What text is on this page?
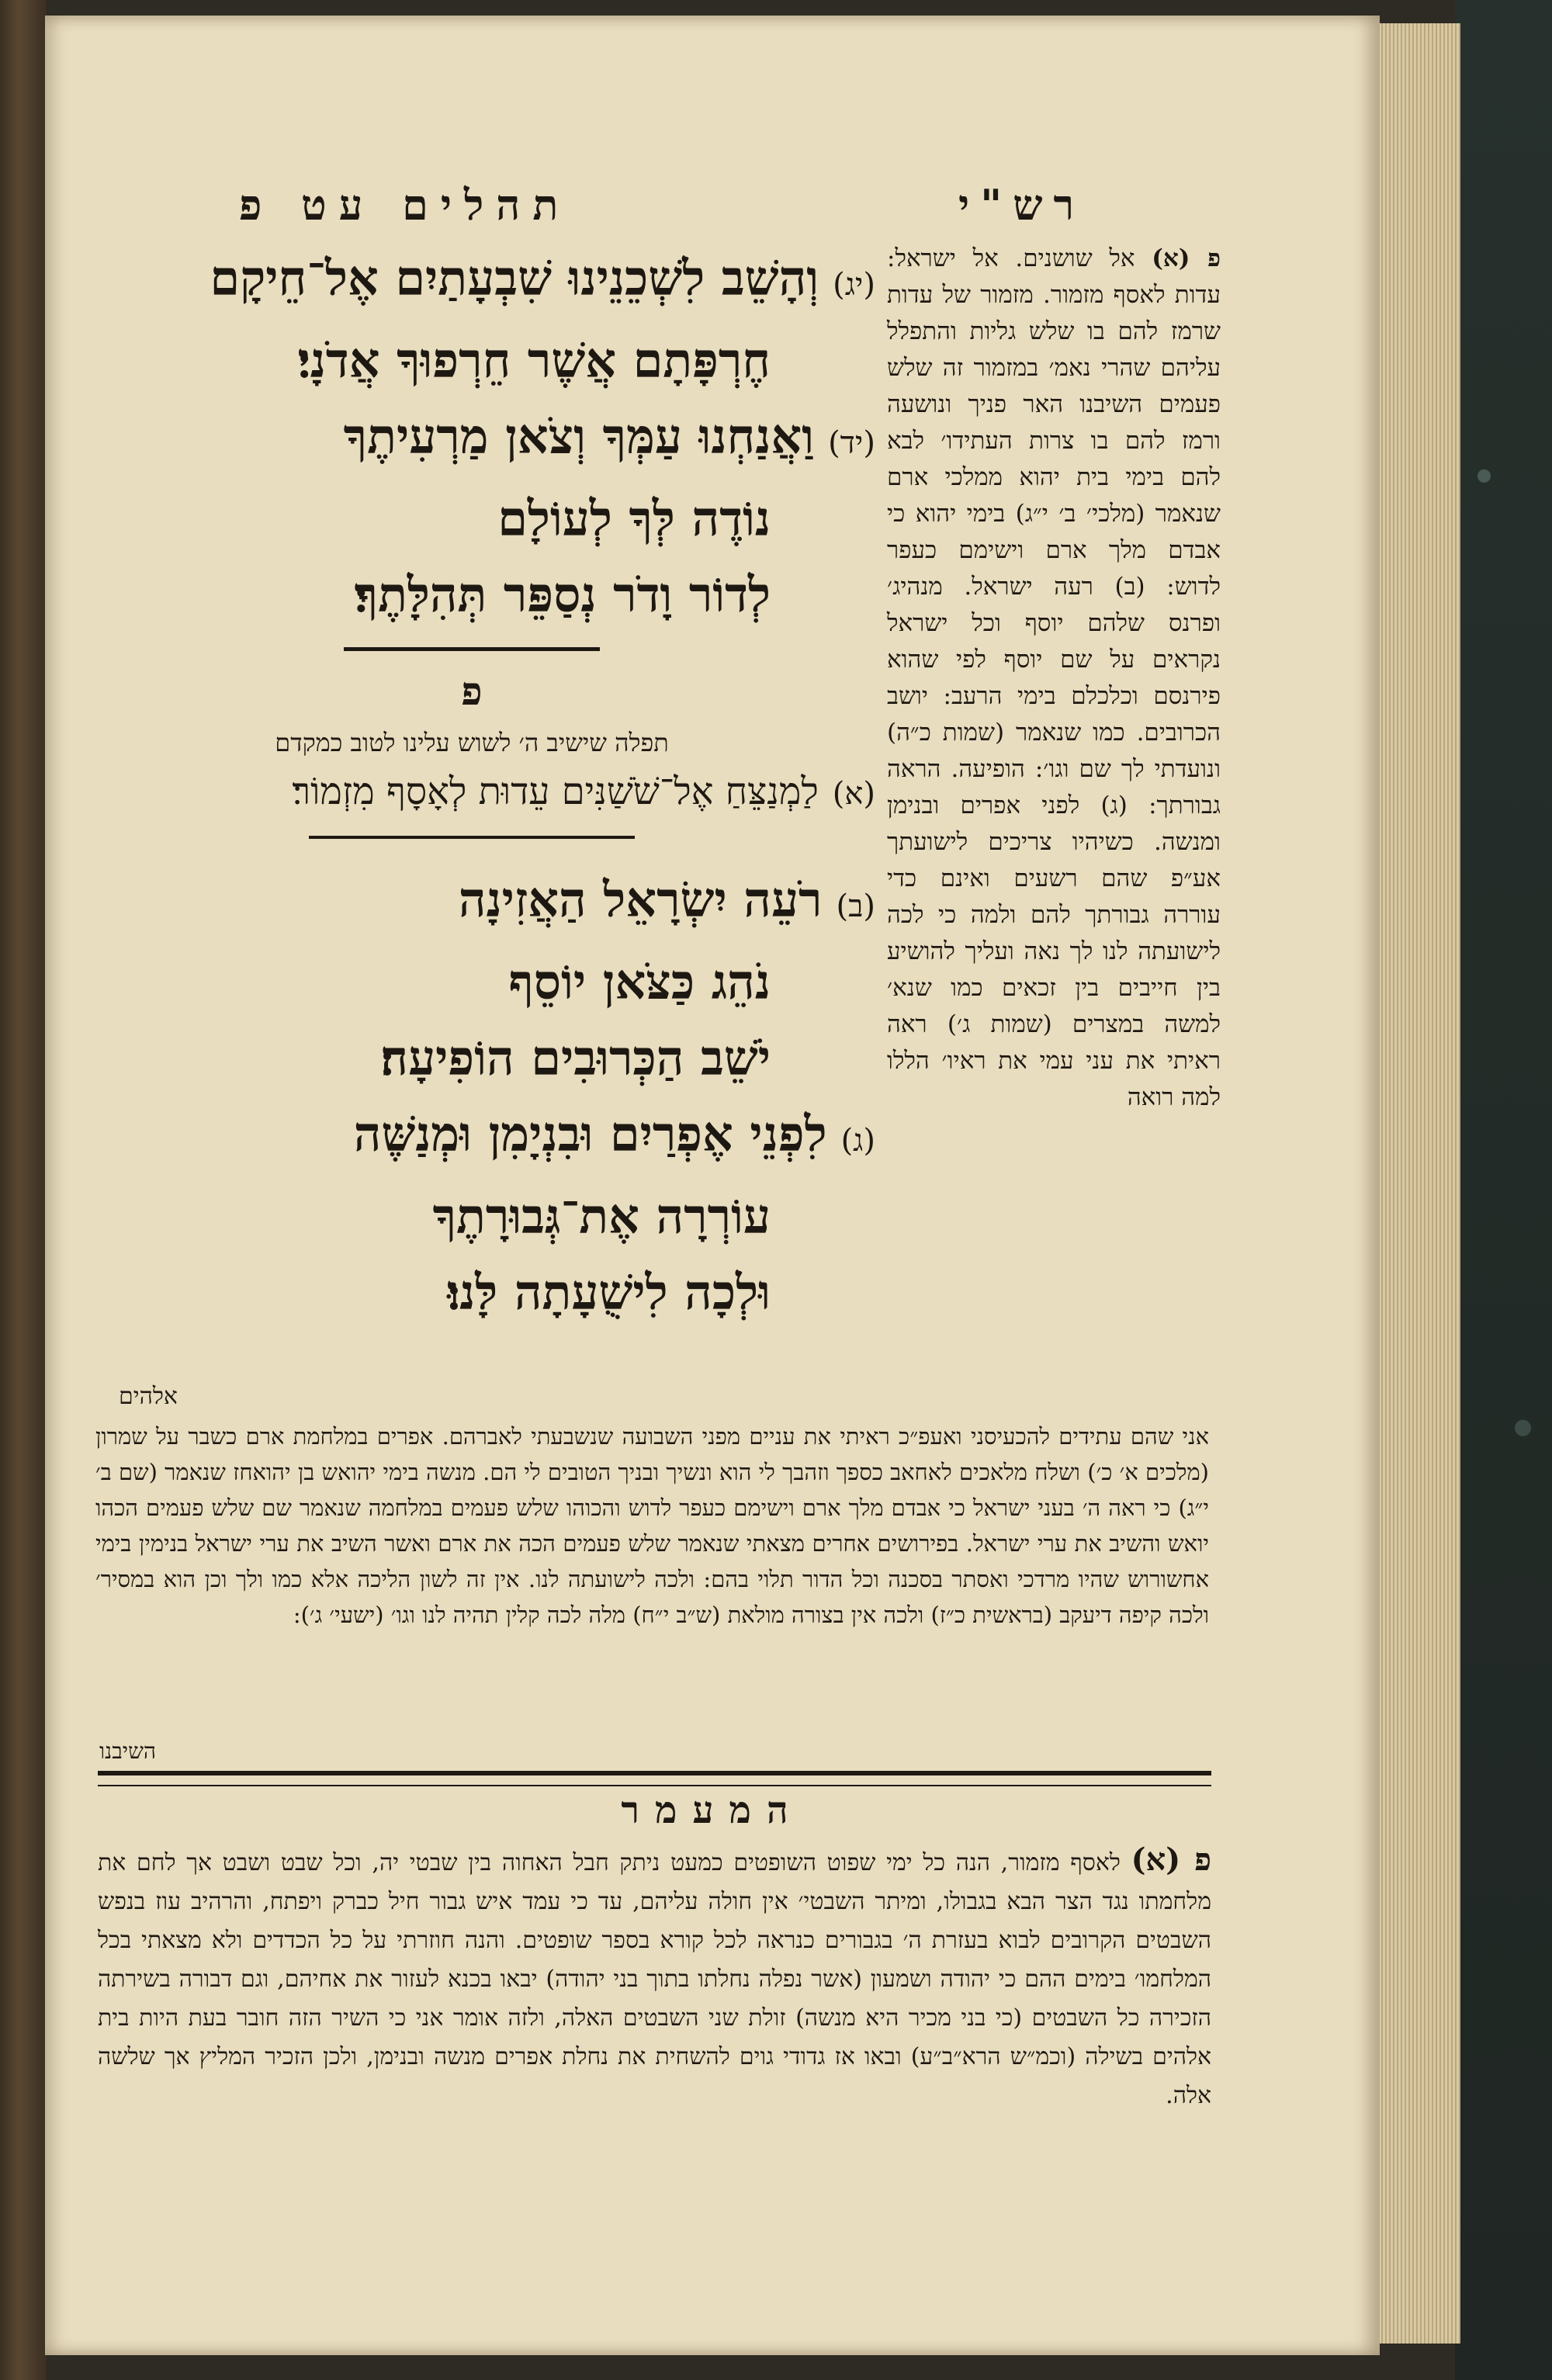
רש"י
תהלים עט פ
(יג)וְהָשֵׁב לִשְׁכֵנֵינוּ שִׁבְעָתַיִם אֶל־חֵיקָם
חֶרְפָּתָם אֲשֶׁר חֵרְפוּךָ אֲדֹנָי׃
(יד)וַאֲנַחְנוּ עַמְּךָ וְצֹאן מַרְעִיתֶךָ
נוֹדֶה לְּךָ לְעוֹלָם
לְדוֹר וָדֹר נְסַפֵּר תְּהִלָּתֶךָ׃
פ
תפלה שישיב ה׳ לשוש עלינו לטוב כמקדם
(א)לַמְנַצֵּחַ אֶל־שֹׁשַׁנִּים עֵדוּת לְאָסָף מִזְמוֹר׃
(ב)רֹעֵה יִשְׂרָאֵל הַאֲזִינָה
נֹהֵג כַּצֹּאן יוֹסֵף
יֹשֵׁב הַכְּרוּבִים הוֹפִיעָה׃
(ג)לִפְנֵי אֶפְרַיִם וּבִנְיָמִן וּמְנַשֶּׁה
עוֹרְרָה אֶת־גְּבוּרָתֶךָ
וּלְכָה לִישֻׁעָתָה לָּנוּ׃
אלהים
פ (א) אל שושנים. אל ישראל: עדות לאסף מזמור. מזמור של עדות שרמז להם בו שלש גליות והתפלל עליהם שהרי נאמ׳ במזמור זה שלש פעמים השיבנו האר פניך ונושעה ורמז להם בו צרות העתידו׳ לבא להם בימי בית יהוא ממלכי ארם שנאמר (מלכי׳ ב׳ י״ג) בימי יהוא כי אבדם מלך ארם וישימם כעפר לדוש: (ב) רעה ישראל. מנהיג׳ ופרנס שלהם יוסף וכל ישראל נקראים על שם יוסף לפי שהוא פירנסם וכלכלם בימי הרעב: יושב הכרובים. כמו שנאמר (שמות כ״ה) ונועדתי לך שם וגו׳: הופיעה. הראה גבורתך: (ג) לפני אפרים ובנימן ומנשה. כשיהיו צריכים לישועתך אע״פ שהם רשעים ואינם כדי עוררה גבורתך להם ולמה כי לכה לישועתה לנו לך נאה ועליך להושיע בין חייבים בין זכאים כמו שנא׳ למשה במצרים (שמות ג׳) ראה ראיתי את עני עמי את ראיו׳ הללו למה רואה
אני שהם עתידים להכעיסני ואעפ״כ ראיתי את עניים מפני השבועה שנשבעתי לאברהם. אפרים במלחמת ארם כשבר על שמרון (מלכים א׳ כ׳) ושלח מלאכים לאחאב כספך וזהבך לי הוא ונשיך ובניך הטובים לי הם. מנשה בימי יהואש בן יהואחז שנאמר (שם ב׳ י״ג) כי ראה ה׳ בעני ישראל כי אבדם מלך ארם וישימם כעפר לדוש והכוהו שלש פעמים במלחמה שנאמר שם שלש פעמים הכהו יואש והשיב את ערי ישראל. בפירושים אחרים מצאתי שנאמר שלש פעמים הכה את ארם ואשר השיב את ערי ישראל בנימין בימי אחשורוש שהיו מרדכי ואסתר בסכנה וכל הדור תלוי בהם: ולכה לישועתה לנו. אין זה לשון הליכה אלא כמו ולך וכן הוא במסיר׳ ולכה קיפה דיעקב (בראשית כ״ז) ולכה אין בצורה מולאת (ש״ב י״ח) מלה לכה קלין תהיה לנו וגו׳ (ישעי׳ ג׳):
השיבנו
המעמר
פ (א) לאסף מזמור, הנה כל ימי שפוט השופטים כמעט ניתק חבל האחוה בין שבטי יה, וכל שבט ושבט אך לחם את מלחמתו נגד הצר הבא בגבולו, ומיתר השבטי׳ אין חולה עליהם, עד כי עמד איש גבור חיל כברק ויפתח, והרהיב עוז בנפש השבטים הקרובים לבוא בעזרת ה׳ בגבורים כנראה לכל קורא בספר שופטים. והנה חוזרתי על כל הכדדים ולא מצאתי בכל המלחמו׳ בימים ההם כי יהודה ושמעון (אשר נפלה נחלתו בתוך בני יהודה) יבאו בכנא לעזור את אחיהם, וגם דבורה בשירתה הזכירה כל השבטים (כי בני מכיר היא מנשה) זולת שני השבטים האלה, ולזה אומר אני כי השיר הזה חובר בעת היות בית אלהים בשילה (וכמ״ש הרא״ב״ע) ובאו אז גדודי גוים להשחית את נחלת אפרים מנשה ובנימן, ולכן הזכיר המליץ אך שלשה אלה.
